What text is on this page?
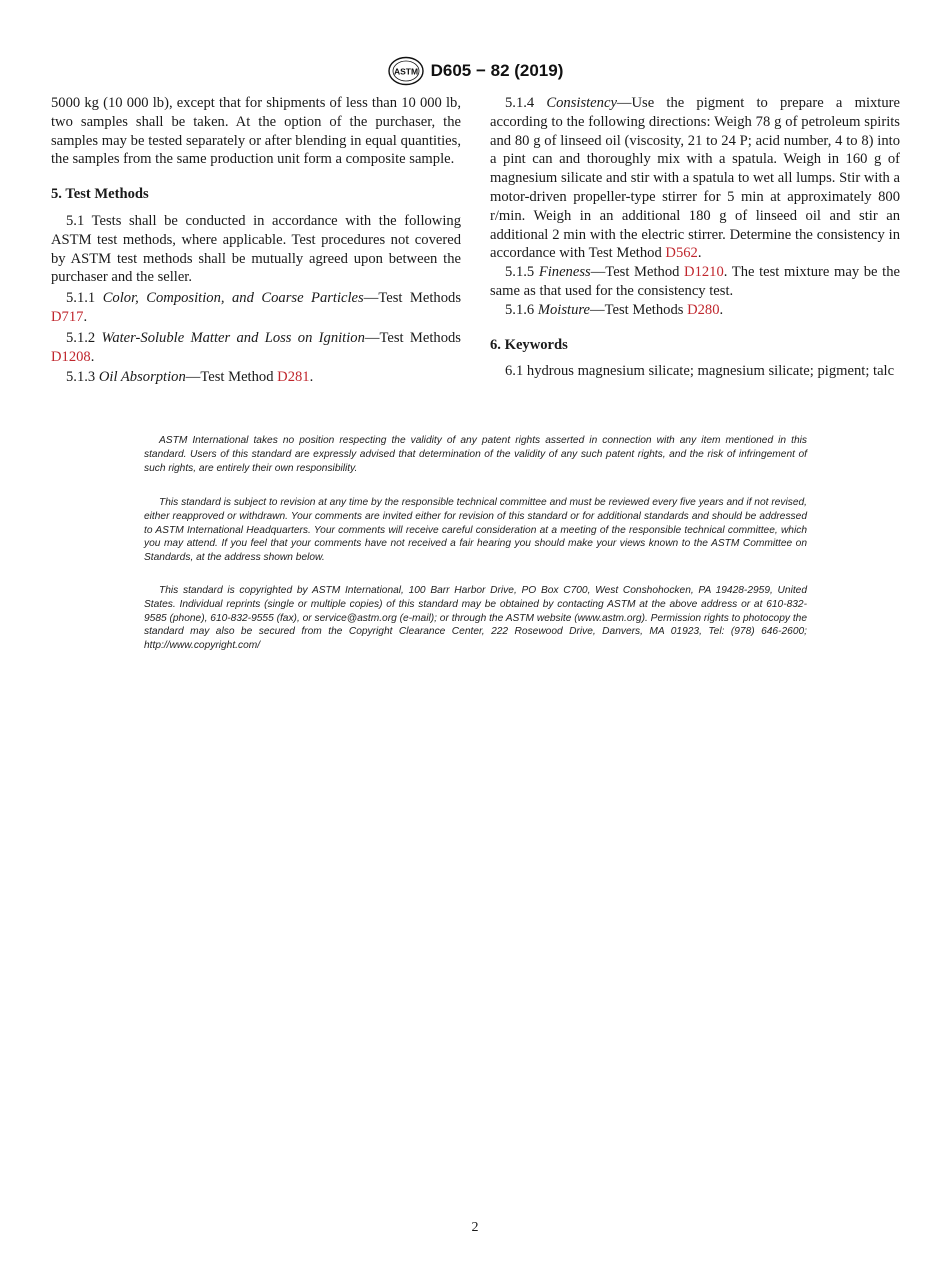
ASTM D605 − 82 (2019)

5000 kg (10 000 lb), except that for shipments of less than 10 000 lb, two samples shall be taken. At the option of the purchaser, the samples may be tested separately or after blending in equal quantities, the samples from the same production unit form a composite sample.

5. Test Methods

5.1 Tests shall be conducted in accordance with the following ASTM test methods, where applicable. Test procedures not covered by ASTM test methods shall be mutually agreed upon between the purchaser and the seller.

5.1.1 Color, Composition, and Coarse Particles—Test Methods D717.

5.1.2 Water-Soluble Matter and Loss on Ignition—Test Methods D1208.

5.1.3 Oil Absorption—Test Method D281.

5.1.4 Consistency—Use the pigment to prepare a mixture according to the following directions: Weigh 78 g of petroleum spirits and 80 g of linseed oil (viscosity, 21 to 24 P; acid number, 4 to 8) into a pint can and thoroughly mix with a spatula. Weigh in 160 g of magnesium silicate and stir with a spatula to wet all lumps. Stir with a motor-driven propeller-type stirrer for 5 min at approximately 800 r/min. Weigh in an additional 180 g of linseed oil and stir an additional 2 min with the electric stirrer. Determine the consistency in accordance with Test Method D562.

5.1.5 Fineness—Test Method D1210. The test mixture may be the same as that used for the consistency test.

5.1.6 Moisture—Test Methods D280.

6. Keywords

6.1 hydrous magnesium silicate; magnesium silicate; pigment; talc

ASTM International takes no position respecting the validity of any patent rights asserted in connection with any item mentioned in this standard. Users of this standard are expressly advised that determination of the validity of any such patent rights, and the risk of infringement of such rights, are entirely their own responsibility.

This standard is subject to revision at any time by the responsible technical committee and must be reviewed every five years and if not revised, either reapproved or withdrawn. Your comments are invited either for revision of this standard or for additional standards and should be addressed to ASTM International Headquarters. Your comments will receive careful consideration at a meeting of the responsible technical committee, which you may attend. If you feel that your comments have not received a fair hearing you should make your views known to the ASTM Committee on Standards, at the address shown below.

This standard is copyrighted by ASTM International, 100 Barr Harbor Drive, PO Box C700, West Conshohocken, PA 19428-2959, United States. Individual reprints (single or multiple copies) of this standard may be obtained by contacting ASTM at the above address or at 610-832-9585 (phone), 610-832-9555 (fax), or service@astm.org (e-mail); or through the ASTM website (www.astm.org). Permission rights to photocopy the standard may also be secured from the Copyright Clearance Center, 222 Rosewood Drive, Danvers, MA 01923, Tel: (978) 646-2600; http://www.copyright.com/

2
